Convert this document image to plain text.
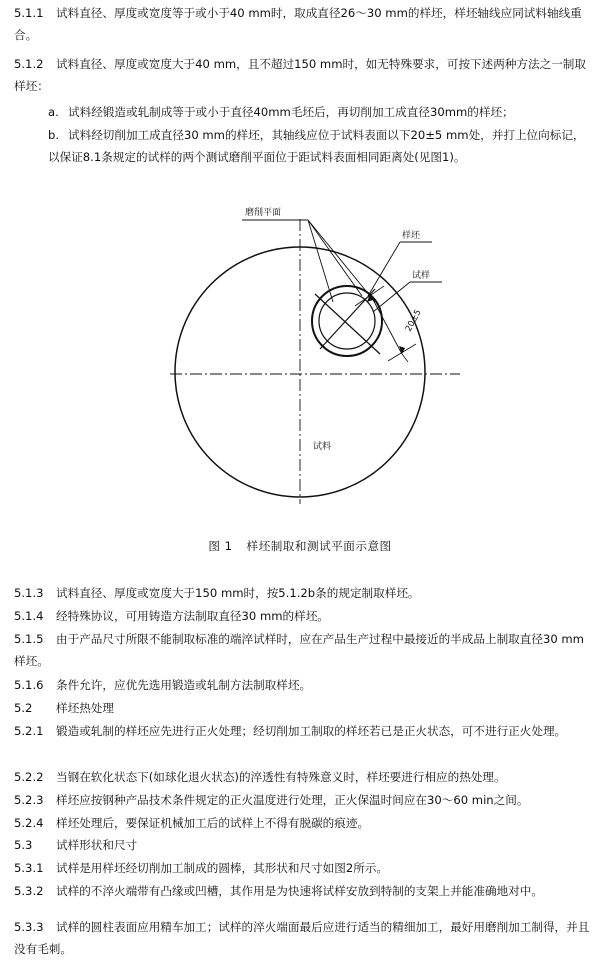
5.1.1 试料直径、厚度或宽度等于或小于40 mm时，取成直径26～30 mm的样坯，样坯轴线应同试料轴线重合。

5.1.2 试料直径、厚度或宽度大于40 mm，且不超过150 mm时，如无特殊要求，可按下述两种方法之一制取样坯：

a. 试料经锻造或轧制成等于或小于直径40mm毛坯后，再切削加工成直径30mm的样坯；

b. 试料经切削加工成直径30 mm的样坯，其轴线应位于试料表面以下20±5 mm处，并打上位向标记，以保证8.1条规定的试样的两个测试磨削平面位于距试料表面相同距离处(见图1)。

磨削平面
样坯
试样
20±5
试料
图 1 样坯制取和测试平面示意图

5.1.3 试料直径、厚度或宽度大于150 mm时，按5.1.2b条的规定制取样坯。

5.1.4 经特殊协议，可用铸造方法制取直径30 mm的样坯。

5.1.5 由于产品尺寸所限不能制取标准的端淬试样时，应在产品生产过程中最接近的半成品上制取直径30 mm样坯。

5.1.6 条件允许，应优先选用锻造或轧制方法制取样坯。

5.2 样坯热处理

5.2.1 锻造或轧制的样坯应先进行正火处理；经切削加工制取的样坯若已是正火状态，可不进行正火处理。

5.2.2 当钢在软化状态下(如球化退火状态)的淬透性有特殊意义时，样坯要进行相应的热处理。

5.2.3 样坯应按钢种产品技术条件规定的正火温度进行处理，正火保温时间应在30～60 min之间。

5.2.4 样坯处理后，要保证机械加工后的试样上不得有脱碳的痕迹。

5.3 试样形状和尺寸

5.3.1 试样是用样坯经切削加工制成的圆棒，其形状和尺寸如图2所示。

5.3.2 试样的不淬火端带有凸缘或凹槽，其作用是为快速将试样安放到特制的支架上并能准确地对中。

5.3.3 试样的圆柱表面应用精车加工；试样的淬火端面最后应进行适当的精细加工，最好用磨削加工制得，并且没有毛刺。
